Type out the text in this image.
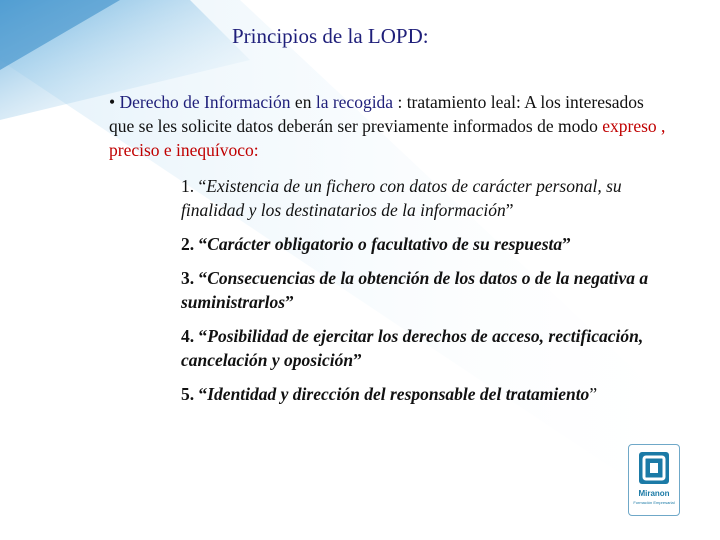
Principios de la LOPD:
• Derecho de Información en la recogida : tratamiento leal: A los interesados que se les solicite datos deberán ser previamente informados de modo expreso , preciso e inequívoco:
1. “Existencia de un fichero con datos de carácter personal, su finalidad y los destinatarios de la información”
2. “Carácter obligatorio o facultativo de su respuesta”
3. “Consecuencias de la obtención de los datos o de la negativa a suministrarlos”
4. “Posibilidad de ejercitar los derechos de acceso, rectificación, cancelación y oposición”
5. “Identidad y dirección del responsable del tratamiento”
Miranon
Formación Empresarial
